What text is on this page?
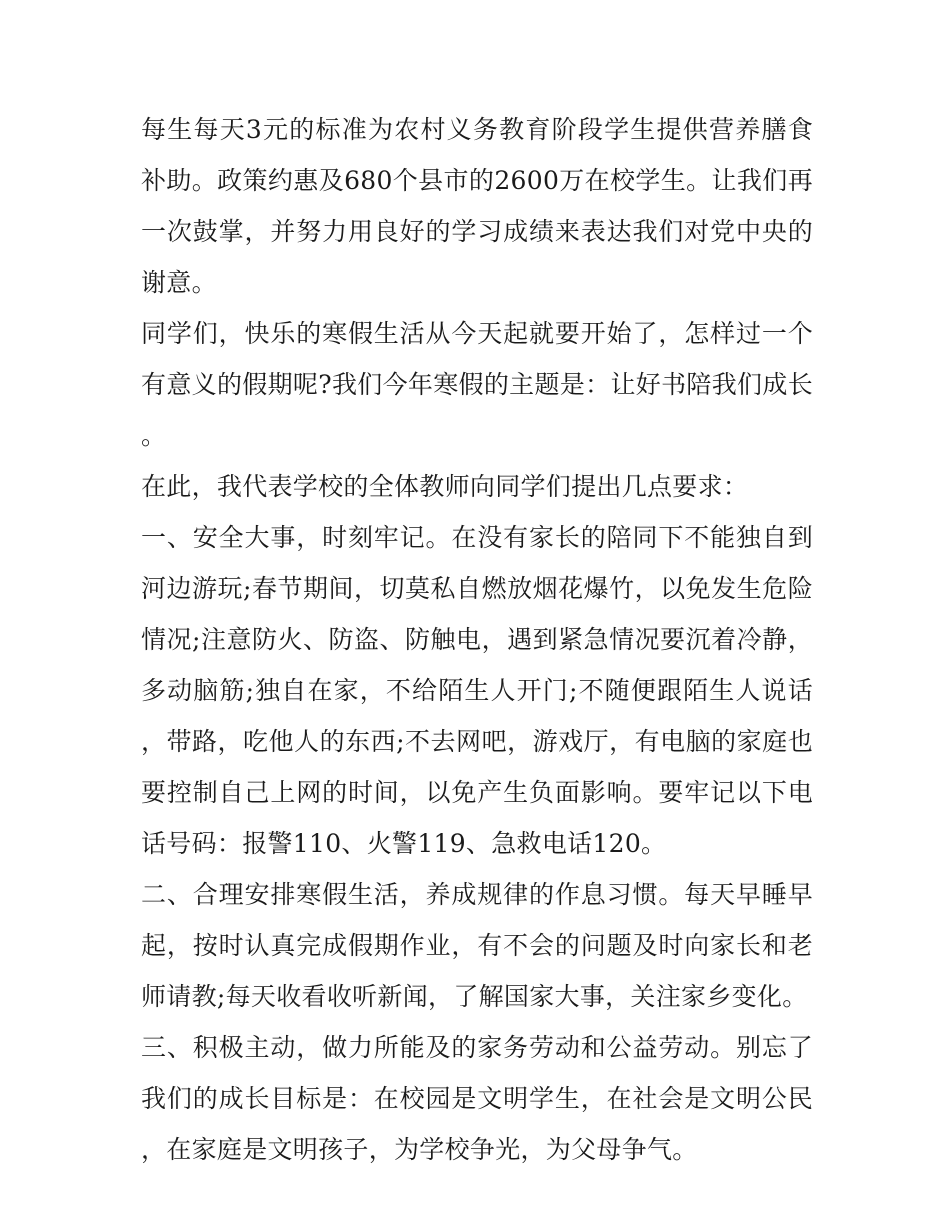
每生每天3元的标准为农村义务教育阶段学生提供营养膳食补助。政策约惠及680个县市的2600万在校学生。让我们再一次鼓掌，并努力用良好的学习成绩来表达我们对党中央的谢意。

同学们，快乐的寒假生活从今天起就要开始了，怎样过一个有意义的假期呢?我们今年寒假的主题是：让好书陪我们成长。

在此，我代表学校的全体教师向同学们提出几点要求：

一、安全大事，时刻牢记。在没有家长的陪同下不能独自到河边游玩;春节期间，切莫私自燃放烟花爆竹，以免发生危险情况;注意防火、防盗、防触电，遇到紧急情况要沉着冷静，多动脑筋;独自在家，不给陌生人开门;不随便跟陌生人说话，带路，吃他人的东西;不去网吧，游戏厅，有电脑的家庭也要控制自己上网的时间，以免产生负面影响。要牢记以下电话号码：报警110、火警119、急救电话120。

二、合理安排寒假生活，养成规律的作息习惯。每天早睡早起，按时认真完成假期作业，有不会的问题及时向家长和老师请教;每天收看收听新闻，了解国家大事，关注家乡变化。

三、积极主动，做力所能及的家务劳动和公益劳动。别忘了我们的成长目标是：在校园是文明学生，在社会是文明公民，在家庭是文明孩子，为学校争光，为父母争气。
